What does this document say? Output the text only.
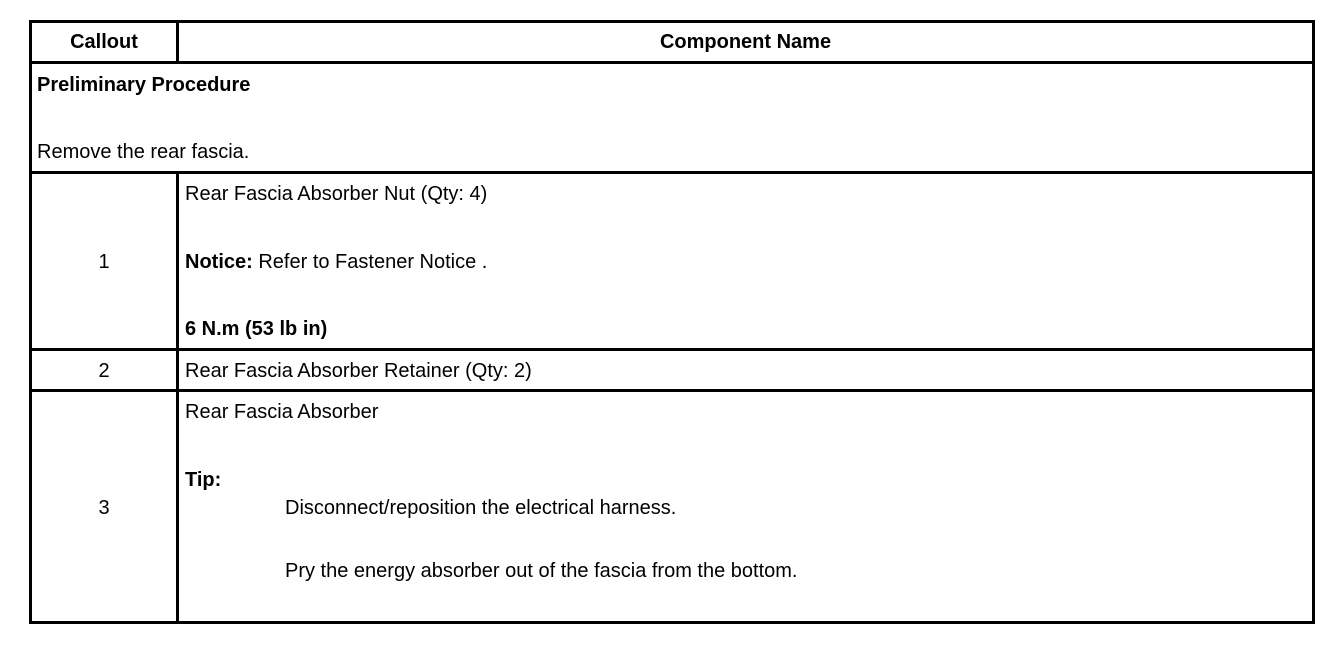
Callout	Component Name
Preliminary Procedure
Remove the rear fascia.
1
Rear Fascia Absorber Nut (Qty: 4)
Notice: Refer to Fastener Notice .
6 N.m (53 lb in)
2	Rear Fascia Absorber Retainer (Qty: 2)
3
Rear Fascia Absorber
Tip:
Disconnect/reposition the electrical harness.
Pry the energy absorber out of the fascia from the bottom.
